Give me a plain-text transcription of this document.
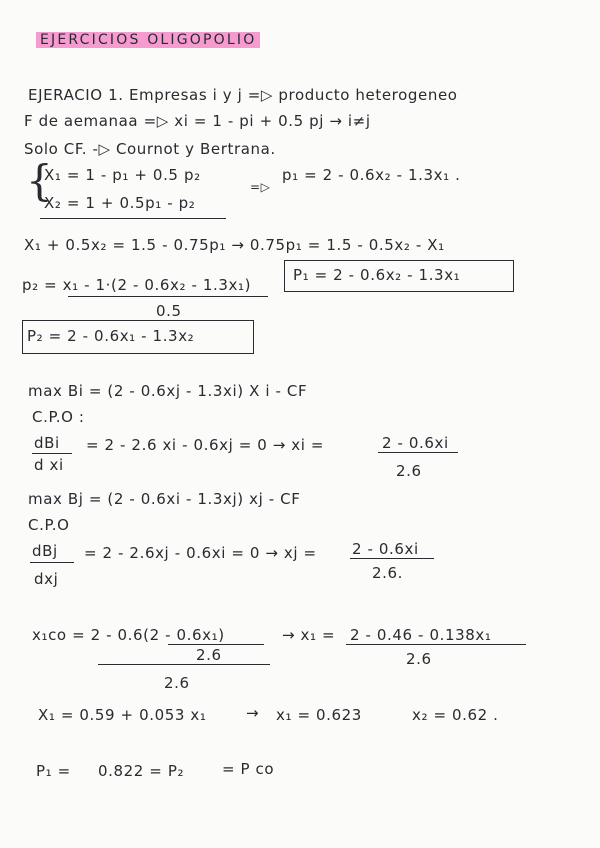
EJERCICIOS OLIGOPOLIO
EJERACIO 1. Empresas i y j =▷ producto heterogeneo
F de aemanaa =▷ xi = 1 - pi + 0.5 pj → i≠j
Solo CF. -▷ Cournot y Bertrana.
{
X₁ = 1 - p₁ + 0.5 p₂
X₂ = 1 + 0.5p₁ - p₂
=▷
p₁ = 2 - 0.6x₂ - 1.3x₁ .
X₁ + 0.5x₂ = 1.5 - 0.75p₁ → 0.75p₁ = 1.5 - 0.5x₂ - X₁
p₂ = x₁ - 1·(2 - 0.6x₂ - 1.3x₁)
0.5
P₁ = 2 - 0.6x₂ - 1.3x₁
P₂ = 2 - 0.6x₁ - 1.3x₂
max Bi = (2 - 0.6xj - 1.3xi) X i - CF
C.P.O :
dBi
d xi
= 2 - 2.6 xi - 0.6xj = 0 → xi =	2 - 0.6xi
2.6
max Bj = (2 - 0.6xi - 1.3xj) xj - CF
C.P.O
dBj
dxj
= 2 - 2.6xj - 0.6xi = 0 → xj = 2 - 0.6xi
2.6.
x₁co = 2 - 0.6(2 - 0.6x₁)
2.6
2.6
→ x₁ = 2 - 0.46 - 0.138x₁
2.6
X₁ = 0.59 + 0.053 x₁	→ x₁ = 0.623	x₂ = 0.62 .
P₁ = 0.822 = P₂	= P co
